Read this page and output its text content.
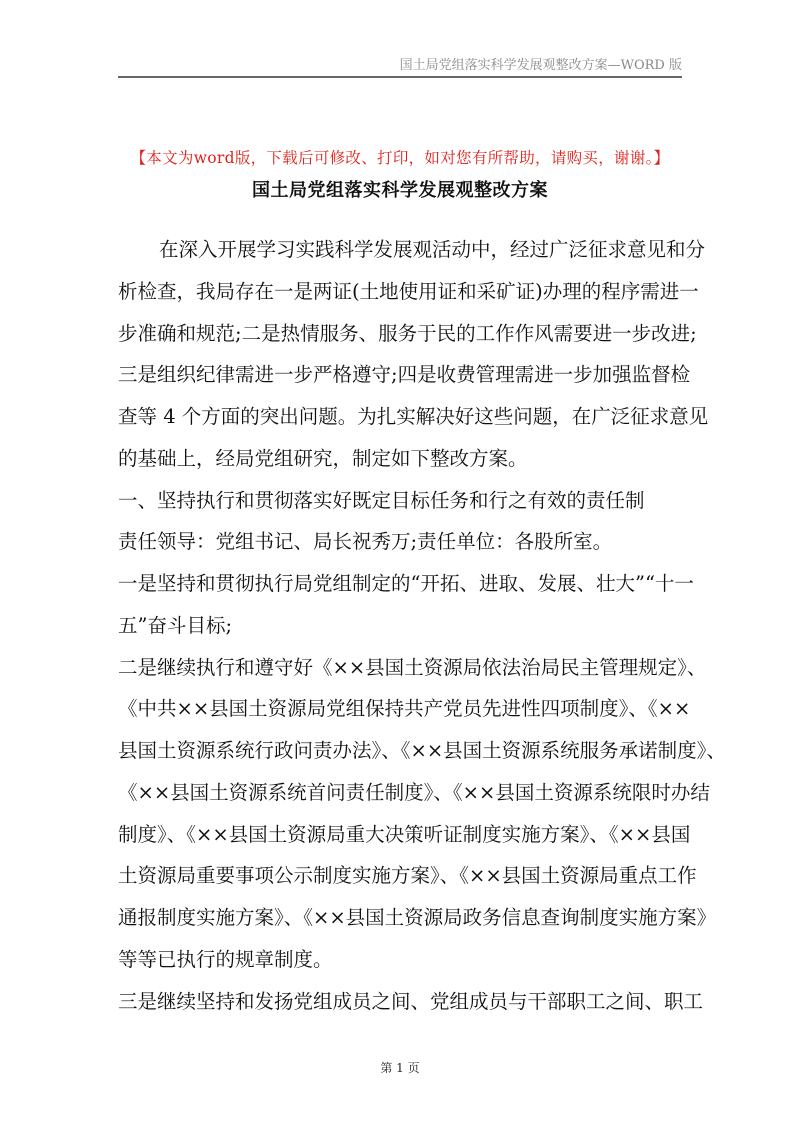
国土局党组落实科学发展观整改方案—WORD 版
【本文为word版，下载后可修改、打印，如对您有所帮助，请购买，谢谢。】
国土局党组落实科学发展观整改方案
在深入开展学习实践科学发展观活动中，经过广泛征求意见和分
析检查，我局存在一是两证(土地使用证和采矿证)办理的程序需进一
步准确和规范;二是热情服务、服务于民的工作作风需要进一步改进;
三是组织纪律需进一步严格遵守;四是收费管理需进一步加强监督检
查等 4 个方面的突出问题。为扎实解决好这些问题，在广泛征求意见
的基础上，经局党组研究，制定如下整改方案。
一、坚持执行和贯彻落实好既定目标任务和行之有效的责任制
责任领导：党组书记、局长祝秀万;责任单位：各股所室。
一是坚持和贯彻执行局党组制定的“开拓、进取、发展、壮大”“十一
五”奋斗目标;
二是继续执行和遵守好《××县国土资源局依法治局民主管理规定》、
《中共××县国土资源局党组保持共产党员先进性四项制度》、《××
县国土资源系统行政问责办法》、《××县国土资源系统服务承诺制度》、
《××县国土资源系统首问责任制度》、《××县国土资源系统限时办结
制度》、《××县国土资源局重大决策听证制度实施方案》、《××县国
土资源局重要事项公示制度实施方案》、《××县国土资源局重点工作
通报制度实施方案》、《××县国土资源局政务信息查询制度实施方案》
等等已执行的规章制度。
三是继续坚持和发扬党组成员之间、党组成员与干部职工之间、职工
第 1 页
